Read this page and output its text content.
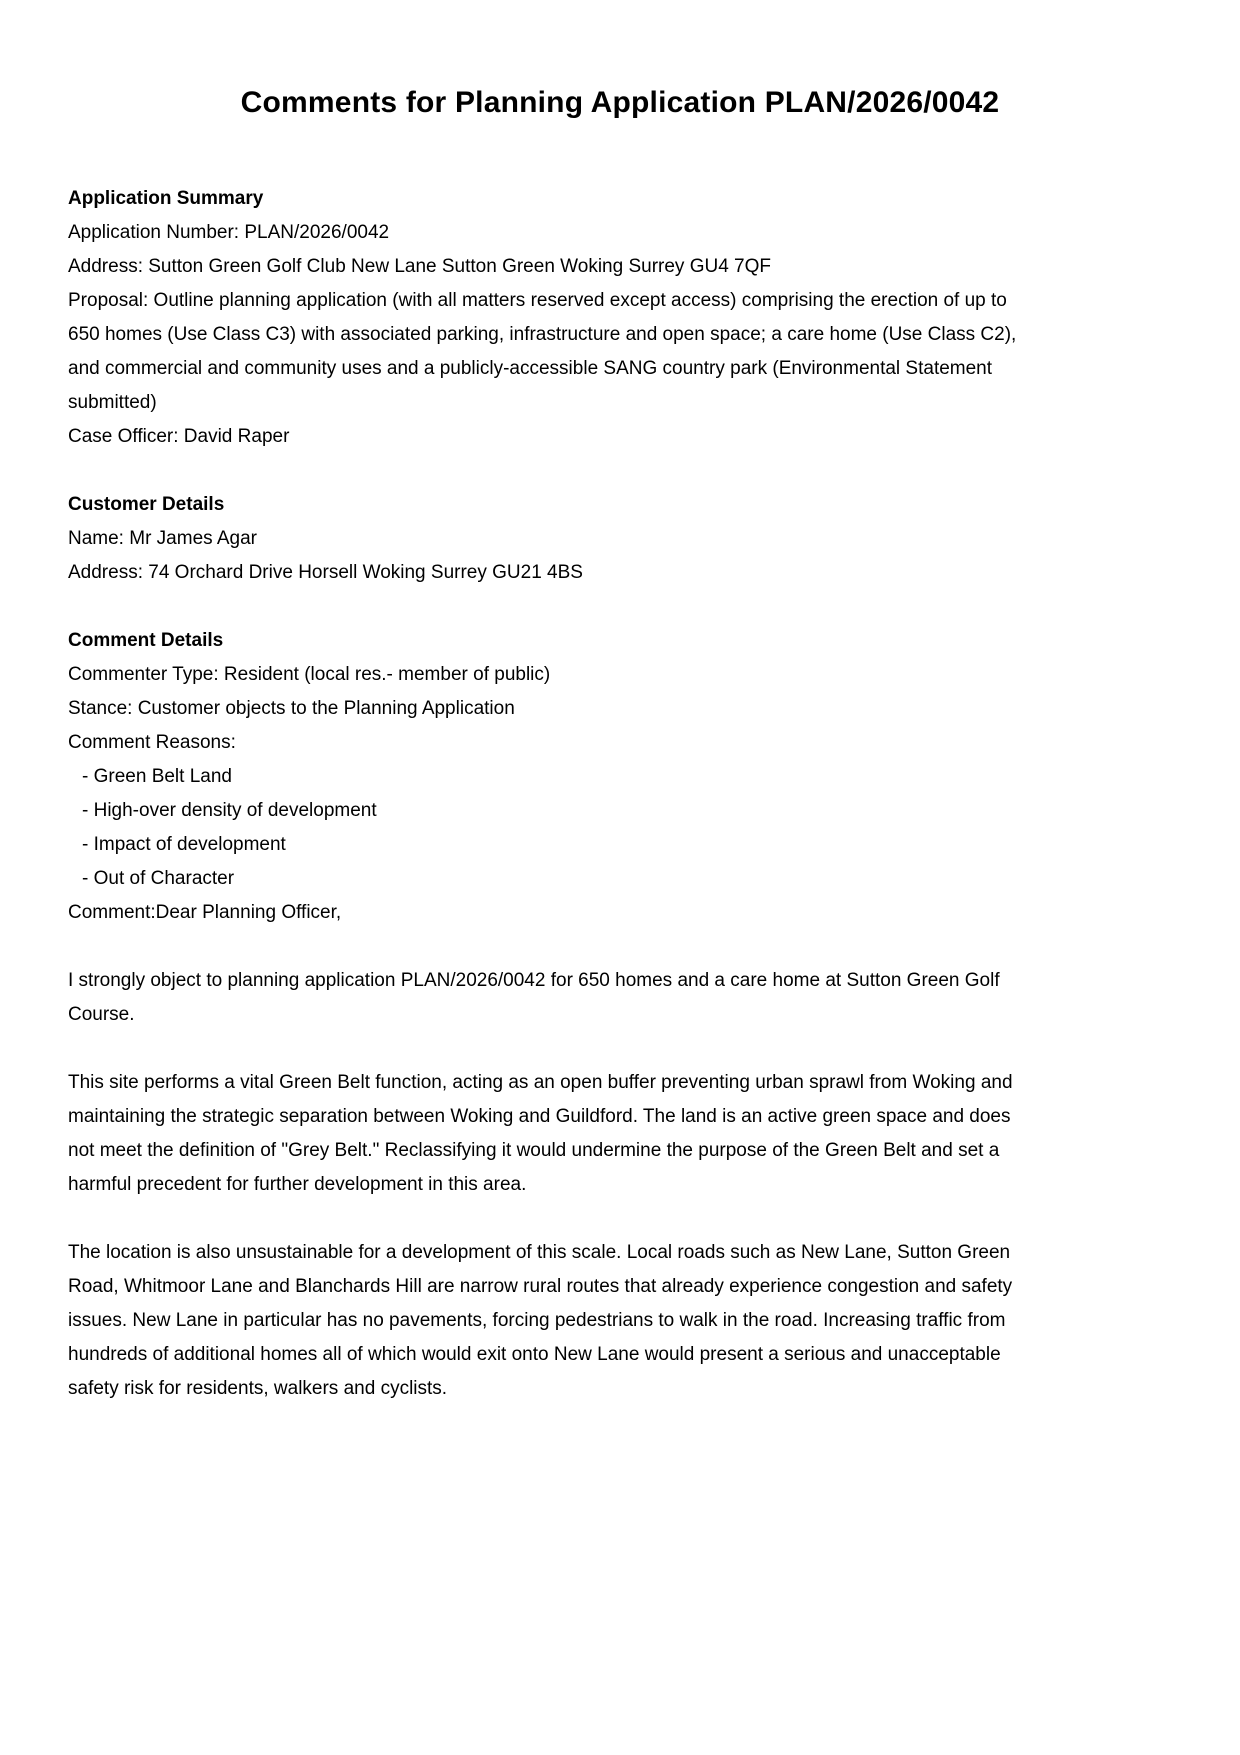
Comments for Planning Application PLAN/2026/0042

Application Summary

Application Number: PLAN/2026/0042

Address: Sutton Green Golf Club New Lane Sutton Green Woking Surrey GU4 7QF

Proposal: Outline planning application (with all matters reserved except access) comprising the erection of up to 650 homes (Use Class C3) with associated parking, infrastructure and open space; a care home (Use Class C2), and commercial and community uses and a publicly-accessible SANG country park (Environmental Statement submitted)

Case Officer: David Raper

Customer Details

Name: Mr James Agar

Address: 74 Orchard Drive Horsell Woking Surrey GU21 4BS

Comment Details

Commenter Type: Resident (local res.- member of public)

Stance: Customer objects to the Planning Application

Comment Reasons:

- Green Belt Land

- High-over density of development

- Impact of development

- Out of Character

Comment:Dear Planning Officer,

I strongly object to planning application PLAN/2026/0042 for 650 homes and a care home at Sutton Green Golf Course.

This site performs a vital Green Belt function, acting as an open buffer preventing urban sprawl from Woking and maintaining the strategic separation between Woking and Guildford. The land is an active green space and does not meet the definition of "Grey Belt." Reclassifying it would undermine the purpose of the Green Belt and set a harmful precedent for further development in this area.

The location is also unsustainable for a development of this scale. Local roads such as New Lane, Sutton Green Road, Whitmoor Lane and Blanchards Hill are narrow rural routes that already experience congestion and safety issues. New Lane in particular has no pavements, forcing pedestrians to walk in the road. Increasing traffic from hundreds of additional homes all of which would exit onto New Lane would present a serious and unacceptable safety risk for residents, walkers and cyclists.
